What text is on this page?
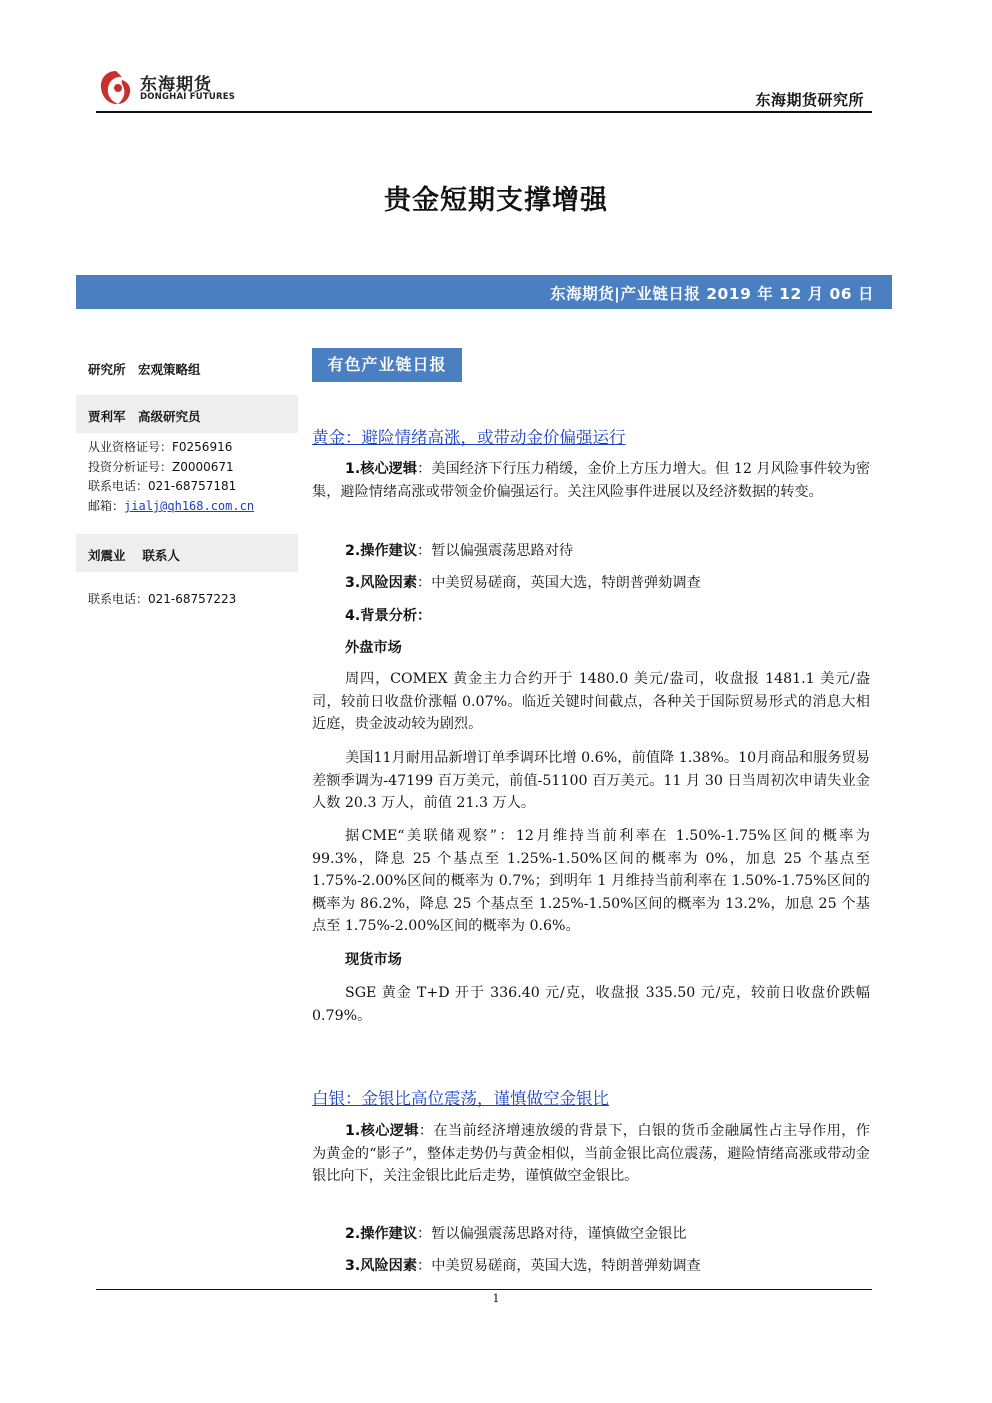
东海期货
DONGHAI FUTURES	东海期货研究所
贵金短期支撑增强
东海期货|产业链日报 2019 年 12 月 06 日
研究所　宏观策略组
贾利军　高级研究员
从业资格证号：F0256916
投资分析证号：Z0000671
联系电话：021-68757181
邮箱：jialj@qh168.com.cn
刘震业　 联系人
联系电话：021-68757223
有色产业链日报
黄金：避险情绪高涨，或带动金价偏强运行
1.核心逻辑：美国经济下行压力稍缓，金价上方压力增大。但 12 月风险事件较为密集，避险情绪高涨或带领金价偏强运行。关注风险事件进展以及经济数据的转变。
2.操作建议：暂以偏强震荡思路对待
3.风险因素：中美贸易磋商，英国大选，特朗普弹劾调查
4.背景分析：
外盘市场
周四，COMEX 黄金主力合约开于 1480.0 美元/盎司，收盘报 1481.1 美元/盎司，较前日收盘价涨幅 0.07%。临近关键时间截点，各种关于国际贸易形式的消息大相近庭，贵金波动较为剧烈。
美国11月耐用品新增订单季调环比增 0.6%，前值降 1.38%。10月商品和服务贸易差额季调为-47199 百万美元，前值-51100 百万美元。11 月 30 日当周初次申请失业金人数 20.3 万人，前值 21.3 万人。
据CME“美联储观察”：12月维持当前利率在 1.50%-1.75%区间的概率为 99.3%，降息 25 个基点至 1.25%-1.50%区间的概率为 0%，加息 25 个基点至 1.75%-2.00%区间的概率为 0.7%；到明年 1 月维持当前利率在 1.50%-1.75%区间的概率为 86.2%，降息 25 个基点至 1.25%-1.50%区间的概率为 13.2%，加息 25 个基点至 1.75%-2.00%区间的概率为 0.6%。
现货市场
SGE 黄金 T+D 开于 336.40 元/克，收盘报 335.50 元/克，较前日收盘价跌幅 0.79%。
白银：金银比高位震荡，谨慎做空金银比
1.核心逻辑：在当前经济增速放缓的背景下，白银的货币金融属性占主导作用，作为黄金的“影子”，整体走势仍与黄金相似，当前金银比高位震荡，避险情绪高涨或带动金银比向下，关注金银比此后走势，谨慎做空金银比。
2.操作建议：暂以偏强震荡思路对待，谨慎做空金银比
3.风险因素：中美贸易磋商，英国大选，特朗普弹劾调查
1
